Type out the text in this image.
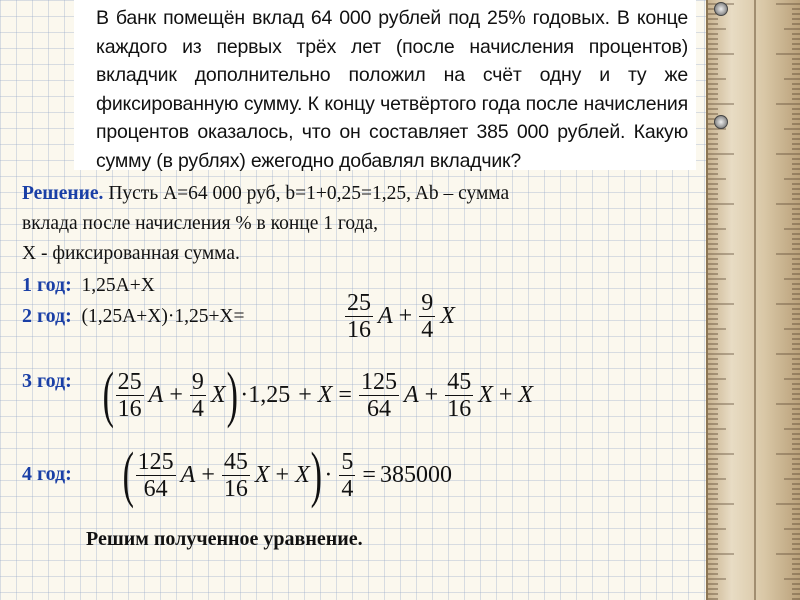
В банк помещён вклад 64 000 рублей под 25% годовых. В конце каждого из первых трёх лет (после начисления процентов) вкладчик дополнительно положил на счёт одну и ту же фиксированную сумму. К концу четвёртого года после начисления процентов оказалось, что он составляет 385 000 рублей. Какую сумму (в рублях) ежегодно добавлял вкладчик?
Решение. Пусть A=64 000 руб, b=1+0,25=1,25, Ab – сумма
вклада после начисления % в конце 1 года,
X - фиксированная сумма.
1 год: 1,25A+X
2 год: (1,25A+X)·1,25+X=	$\frac{25}{16}$ $A + \frac{9}{4}$ X
3 год: ( $\frac{25}{16}$ $A + \frac{9}{4}$ X ) $\cdot 1,25 + X = \frac{125}{64}$ $A + \frac{45}{16}$ X + X
4 год: ( $\frac{125}{64}$ $A + \frac{45}{16}$ X + X ) · $\frac{5}{4} = 385000$
Решим полученное уравнение.
